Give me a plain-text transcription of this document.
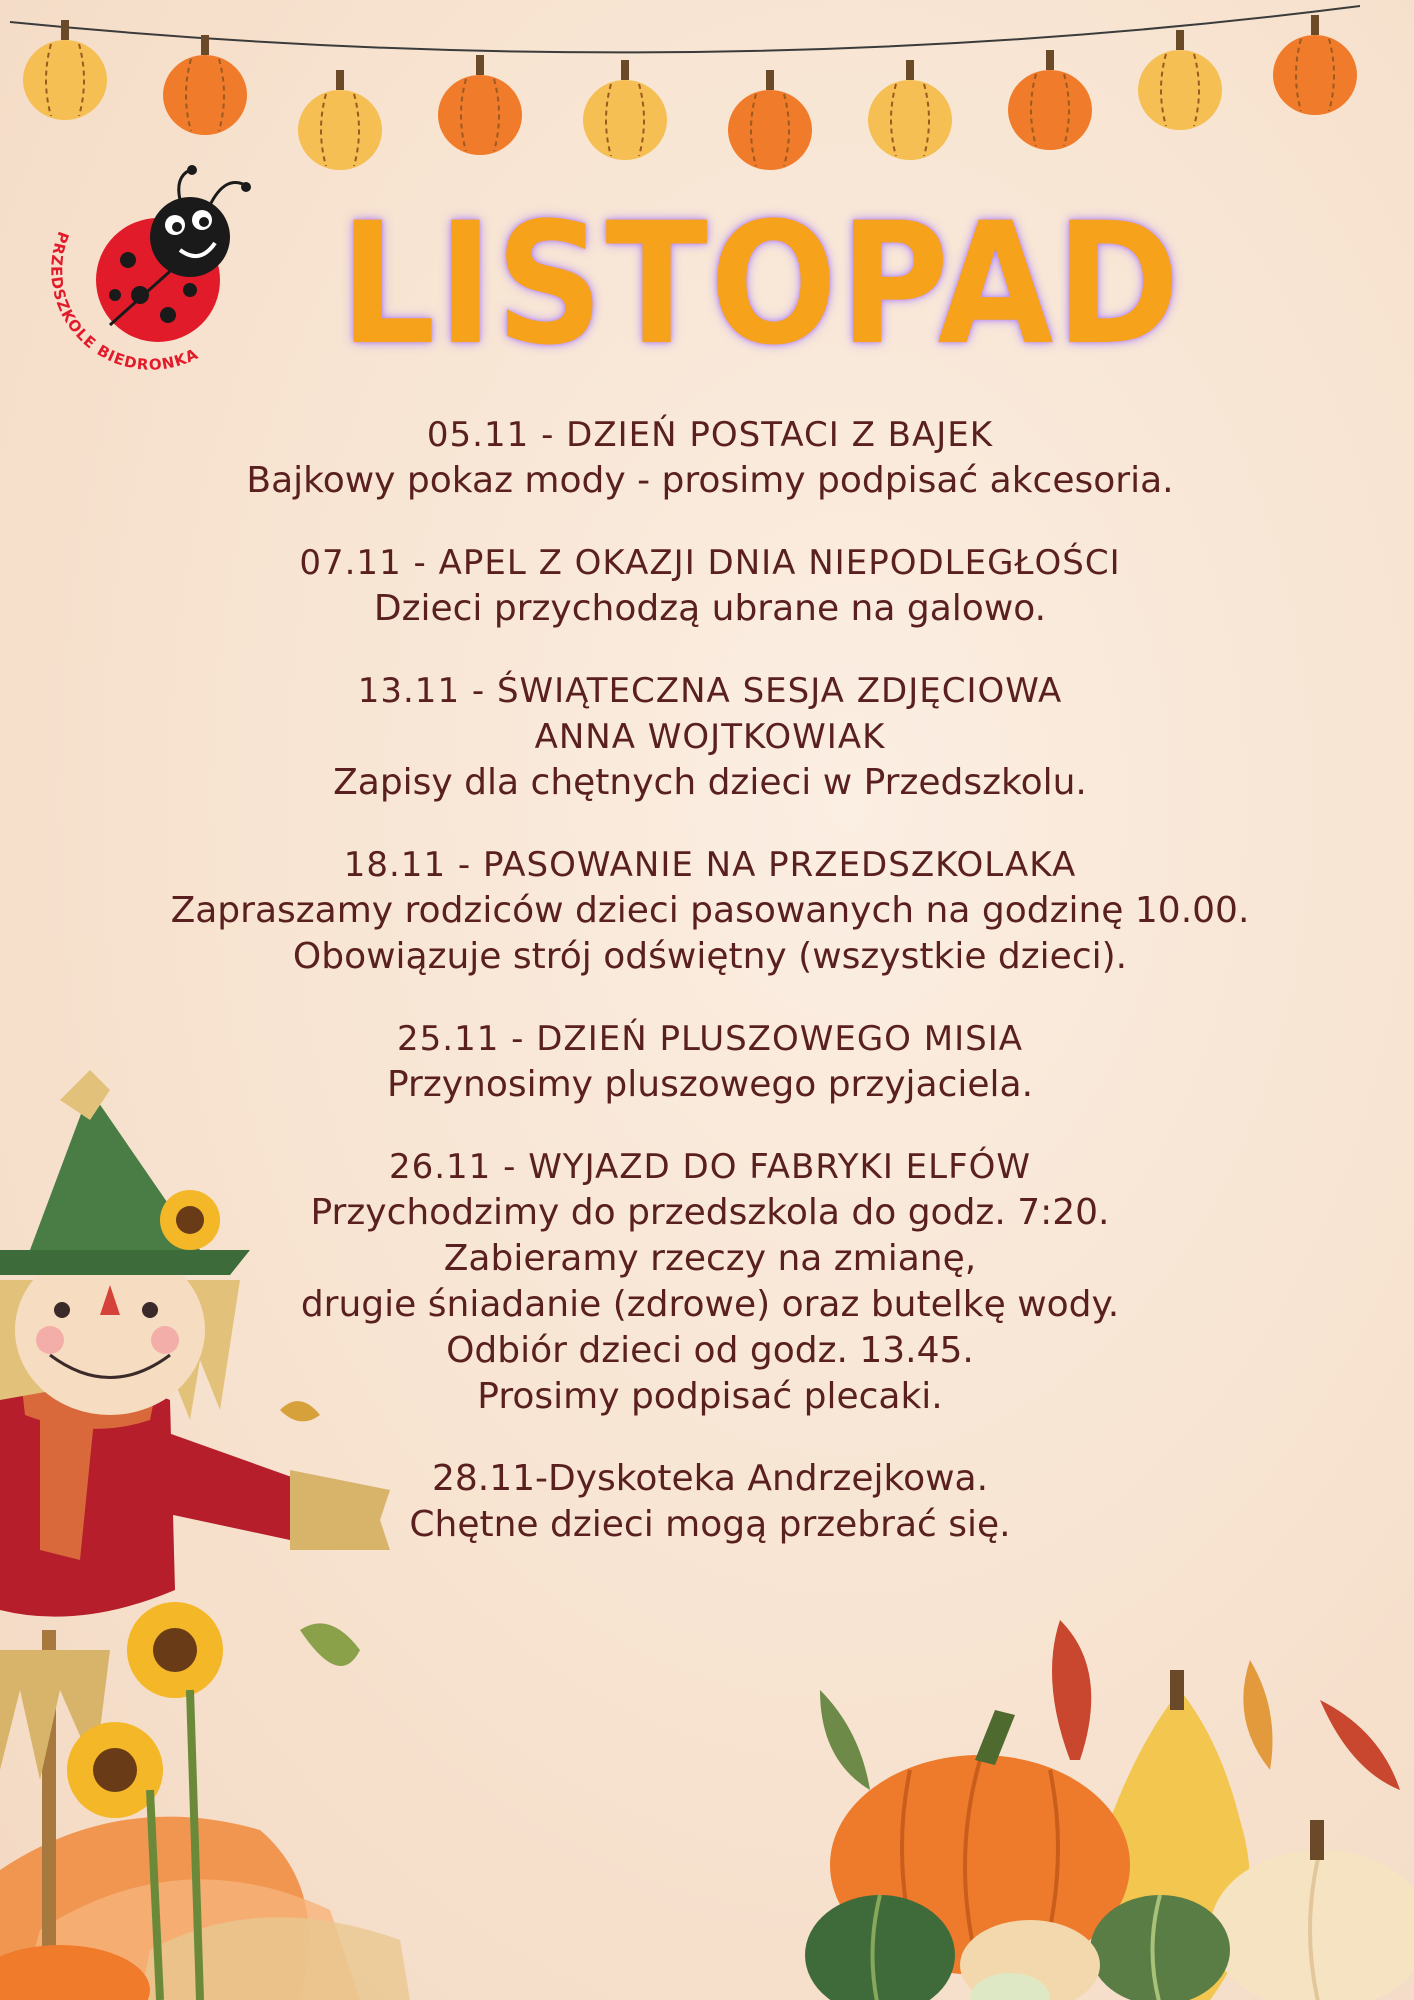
PRZEDSZKOLE BIEDRONKA LISTOPAD
05.11 - DZIEŃ POSTACI Z BAJEK
Bajkowy pokaz mody - prosimy podpisać akcesoria.
07.11 - APEL Z OKAZJI DNIA NIEPODLEGŁOŚCI
Dzieci przychodzą ubrane na galowo.
13.11 - ŚWIĄTECZNA SESJA ZDJĘCIOWA
ANNA WOJTKOWIAK
Zapisy dla chętnych dzieci w Przedszkolu.
18.11 - PASOWANIE NA PRZEDSZKOLAKA
Zapraszamy rodziców dzieci pasowanych na godzinę 10.00.
Obowiązuje strój odświętny (wszystkie dzieci).
25.11 - DZIEŃ PLUSZOWEGO MISIA
Przynosimy pluszowego przyjaciela.
26.11 - WYJAZD DO FABRYKI ELFÓW
Przychodzimy do przedszkola do godz. 7:20.
Zabieramy rzeczy na zmianę,
drugie śniadanie (zdrowe) oraz butelkę wody.
Odbiór dzieci od godz. 13.45.
Prosimy podpisać plecaki.
28.11-Dyskoteka Andrzejkowa.
Chętne dzieci mogą przebrać się.
